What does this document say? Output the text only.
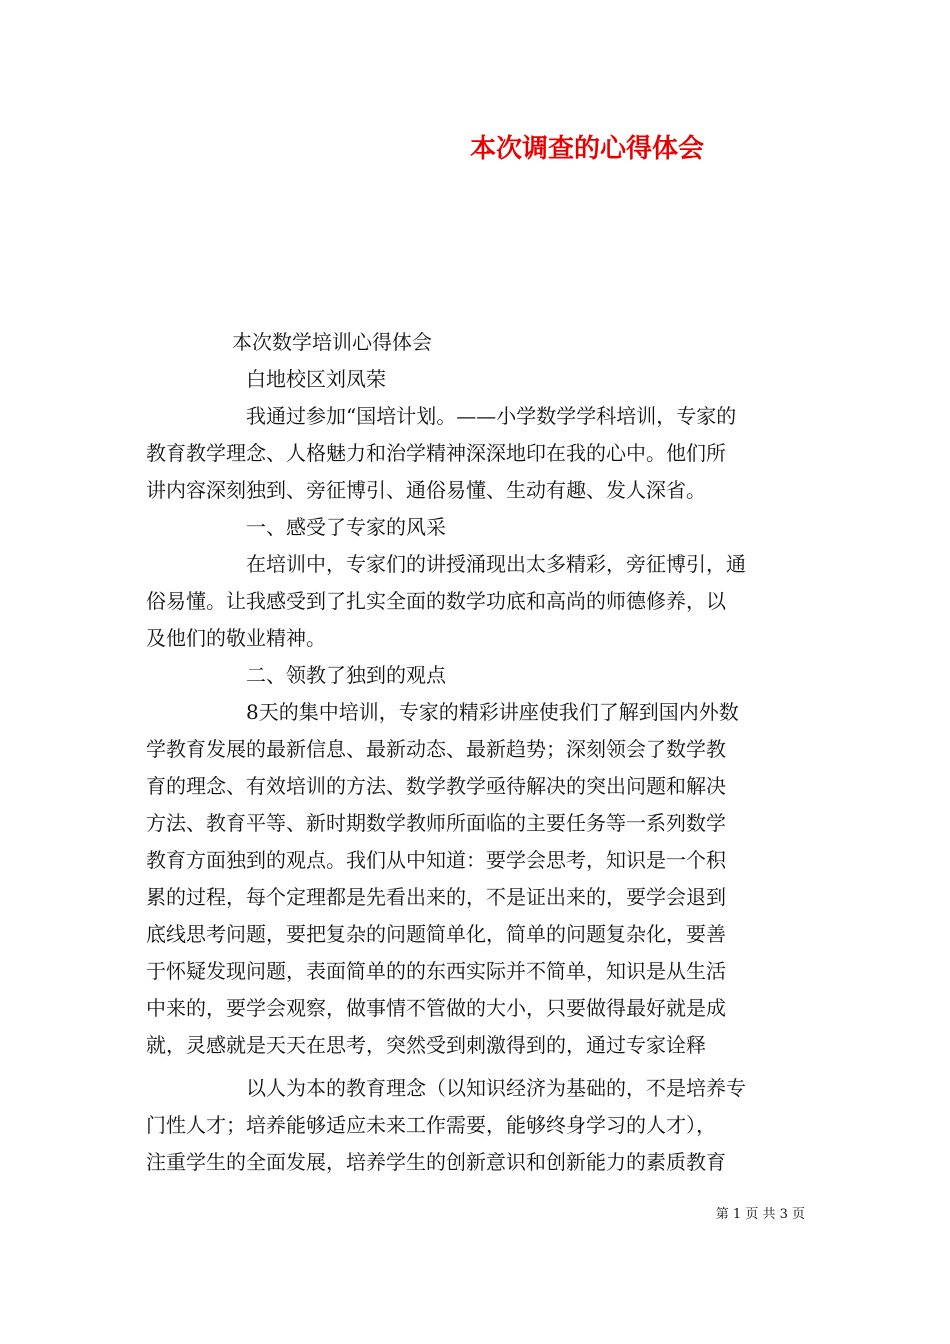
本次调查的心得体会
本次数学培训心得体会
白地校区刘凤荣
我通过参加“国培计划。——小学数学学科培训，专家的
教育教学理念、人格魅力和治学精神深深地印在我的心中。他们所
讲内容深刻独到、旁征博引、通俗易懂、生动有趣、发人深省。
一、感受了专家的风采
在培训中，专家们的讲授涌现出太多精彩，旁征博引，通
俗易懂。让我感受到了扎实全面的数学功底和高尚的师德修养，以
及他们的敬业精神。
二、领教了独到的观点
8天的集中培训，专家的精彩讲座使我们了解到国内外数
学教育发展的最新信息、最新动态、最新趋势；深刻领会了数学教
育的理念、有效培训的方法、数学教学亟待解决的突出问题和解决
方法、教育平等、新时期数学教师所面临的主要任务等一系列数学
教育方面独到的观点。我们从中知道：要学会思考，知识是一个积
累的过程，每个定理都是先看出来的，不是证出来的，要学会退到
底线思考问题，要把复杂的问题简单化，简单的问题复杂化，要善
于怀疑发现问题，表面简单的的东西实际并不简单，知识是从生活
中来的，要学会观察，做事情不管做的大小，只要做得最好就是成
就，灵感就是天天在思考，突然受到刺激得到的，通过专家诠释
以人为本的教育理念（以知识经济为基础的，不是培养专
门性人才；培养能够适应未来工作需要，能够终身学习的人才），
注重学生的全面发展，培养学生的创新意识和创新能力的素质教育
第 1 页 共 3 页
